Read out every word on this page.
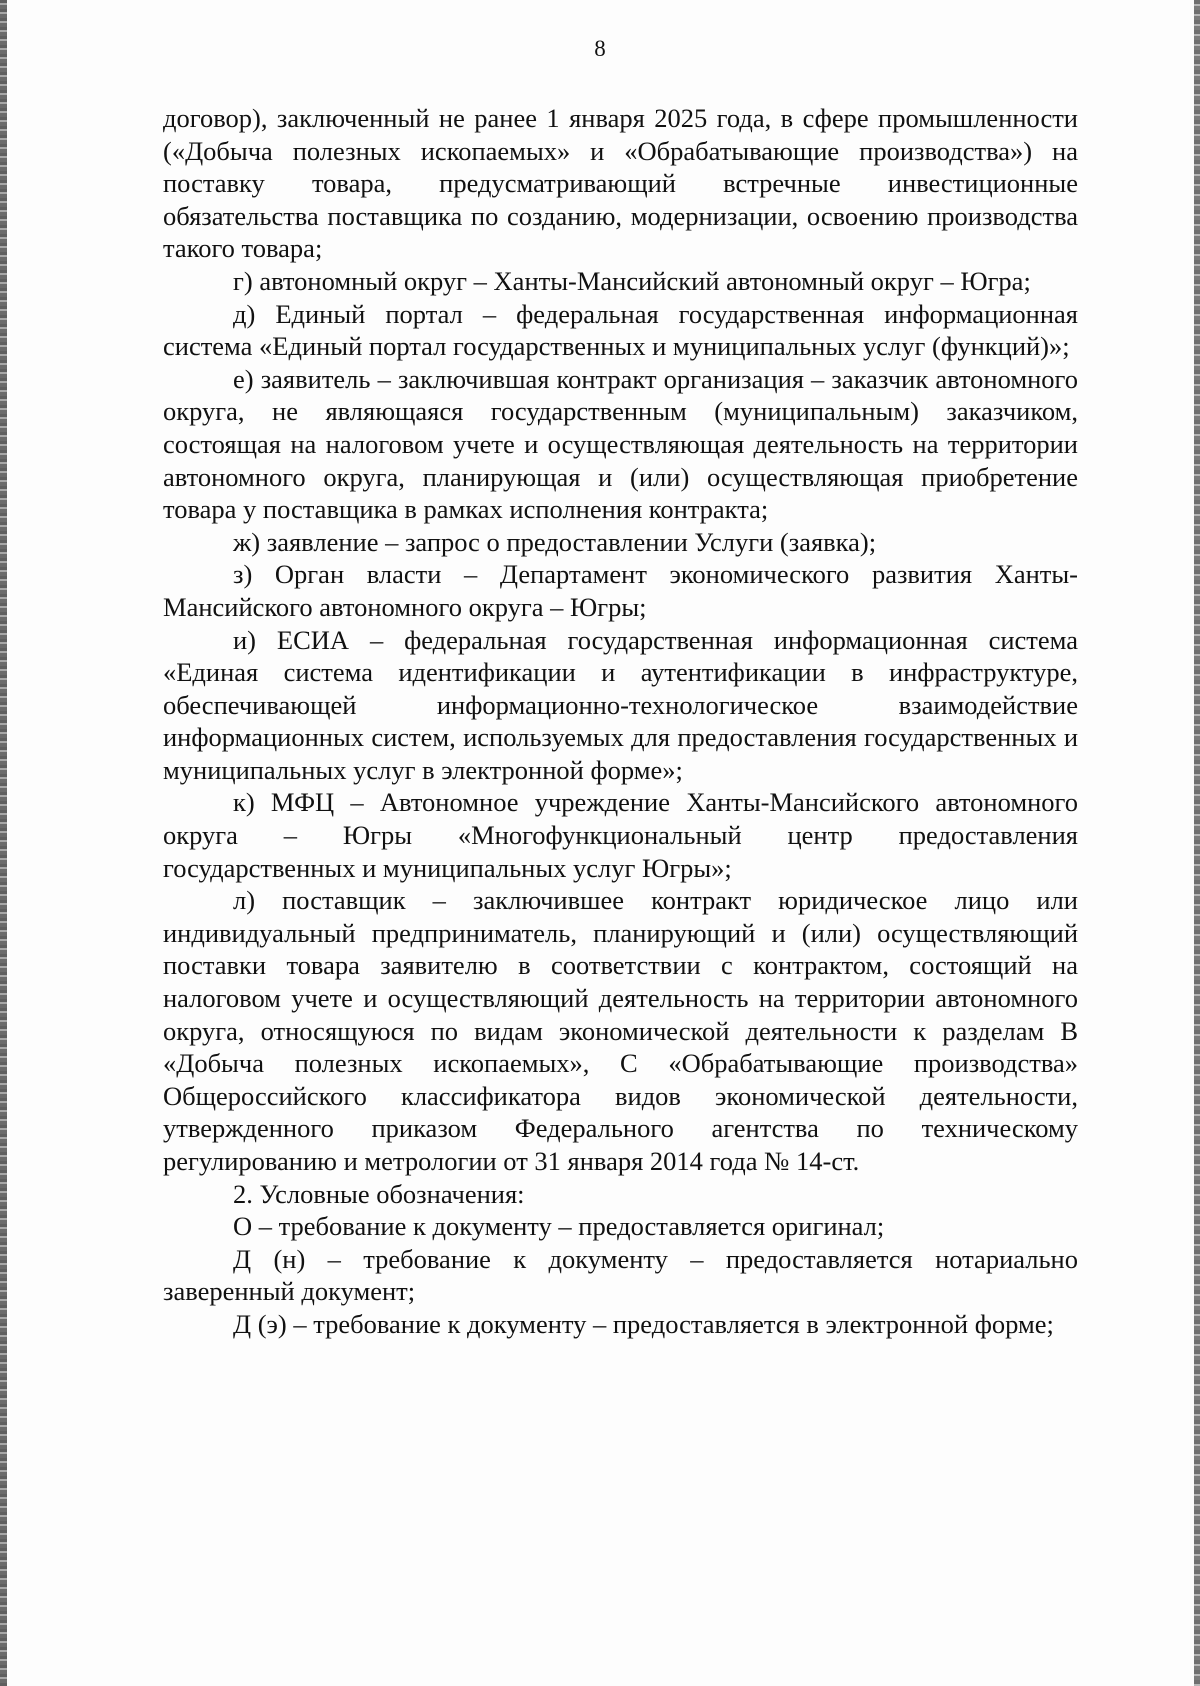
8

договор), заключенный не ранее 1 января 2025 года, в сфере промышленности («Добыча полезных ископаемых» и «Обрабатывающие производства») на поставку товара, предусматривающий встречные инвестиционные обязательства поставщика по созданию, модернизации, освоению производства такого товара;

г) автономный округ – Ханты-Мансийский автономный округ – Югра;

д) Единый портал – федеральная государственная информационная система «Единый портал государственных и муниципальных услуг (функций)»;

е) заявитель – заключившая контракт организация – заказчик автономного округа, не являющаяся государственным (муниципальным) заказчиком, состоящая на налоговом учете и осуществляющая деятельность на территории автономного округа, планирующая и (или) осуществляющая приобретение товара у поставщика в рамках исполнения контракта;

ж) заявление – запрос о предоставлении Услуги (заявка);

з) Орган власти – Департамент экономического развития Ханты-Мансийского автономного округа – Югры;

и) ЕСИА – федеральная государственная информационная система «Единая система идентификации и аутентификации в инфраструктуре, обеспечивающей информационно-технологическое взаимодействие информационных систем, используемых для предоставления государственных и муниципальных услуг в электронной форме»;

к) МФЦ – Автономное учреждение Ханты-Мансийского автономного округа – Югры «Многофункциональный центр предоставления государственных и муниципальных услуг Югры»;

л) поставщик – заключившее контракт юридическое лицо или индивидуальный предприниматель, планирующий и (или) осуществляющий поставки товара заявителю в соответствии с контрактом, состоящий на налоговом учете и осуществляющий деятельность на территории автономного округа, относящуюся по видам экономической деятельности к разделам В «Добыча полезных ископаемых», С «Обрабатывающие производства» Общероссийского классификатора видов экономической деятельности, утвержденного приказом Федерального агентства по техническому регулированию и метрологии от 31 января 2014 года № 14-ст.

2. Условные обозначения:

О – требование к документу – предоставляется оригинал;

Д (н) – требование к документу – предоставляется нотариально заверенный документ;

Д (э) – требование к документу – предоставляется в электронной форме;
